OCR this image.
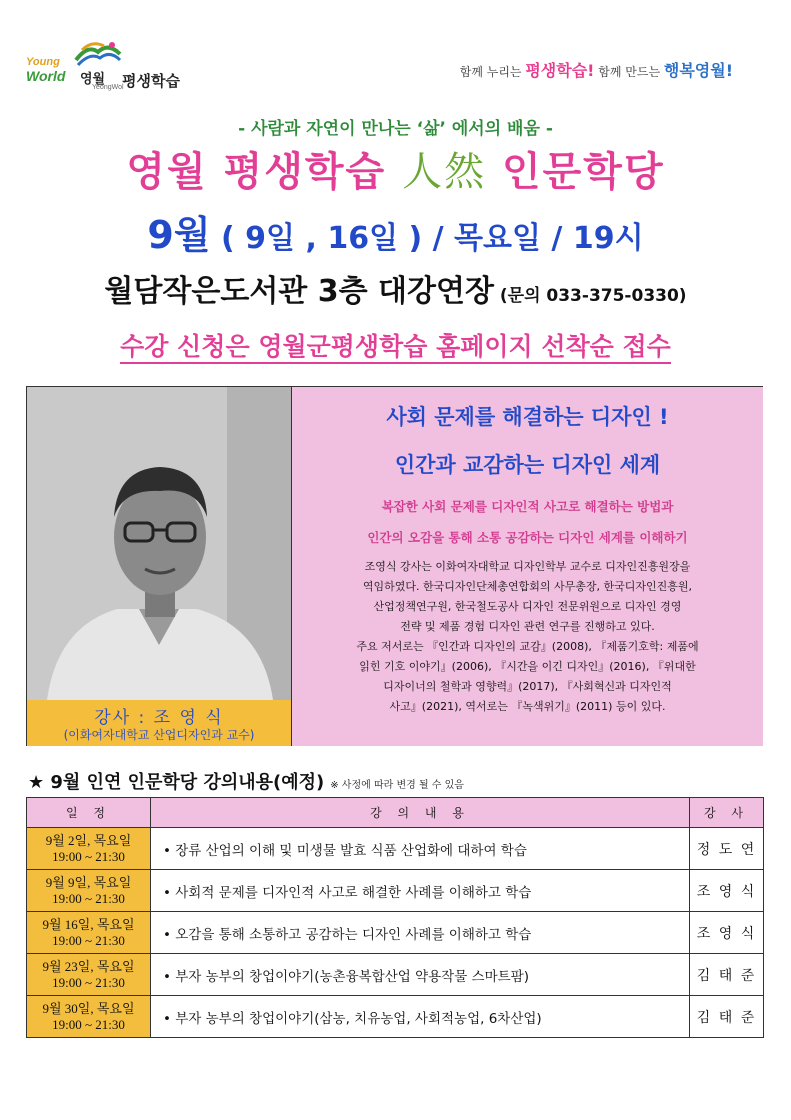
Young
World 영월
YeongWol
평생학습	함께 누리는 평생학습! 함께 만드는 행복영월!
- 사람과 자연이 만나는 ‘삶’ 에서의 배움 -
영월 평생학습 人然 인문학당
9월 ( 9일 , 16일 ) / 목요일 / 19시
월담작은도서관 3층 대강연장 (문의 033-375-0330)
수강 신청은 영월군평생학습 홈페이지 선착순 접수
강사 : 조 영 식
(이화여자대학교 산업디자인과 교수)
사회 문제를 해결하는 디자인 !
인간과 교감하는 디자인 세계
복잡한 사회 문제를 디자인적 사고로 해결하는 방법과
인간의 오감을 통해 소통 공감하는 디자인 세계를 이해하기
조영식 강사는 이화여자대학교 디자인학부 교수로 디자인진흥원장을
역임하였다. 한국디자인단체총연합회의 사무총장, 한국디자인진흥원,
산업정책연구원, 한국철도공사 디자인 전문위원으로 디자인 경영
전략 및 제품 경험 디자인 관련 연구를 진행하고 있다.
주요 저서로는 『인간과 디자인의 교감』(2008), 『제품기호학: 제품에
읽힌 기호 이야기』(2006), 『시간을 이긴 디자인』(2016), 『위대한
디자이너의 철학과 영향력』(2017), 『사회혁신과 디자인적
사고』(2021), 역서로는 『녹색위기』(2011) 등이 있다.
★ 9월 인연 인문학당 강의내용(예정) ※ 사정에 따라 변경 될 수 있음
일 정	강 의 내 용	강 사

9월 2일, 목요일
19:00 ~ 21:30	• 장류 산업의 이해 및 미생물 발효 식품 산업화에 대하여 학습	정 도 연

9월 9일, 목요일
19:00 ~ 21:30	• 사회적 문제를 디자인적 사고로 해결한 사례를 이해하고 학습	조 영 식

9월 16일, 목요일
19:00 ~ 21:30	• 오감을 통해 소통하고 공감하는 디자인 사례를 이해하고 학습	조 영 식

9월 23일, 목요일
19:00 ~ 21:30	• 부자 농부의 창업이야기(농촌융복합산업 약용작물 스마트팜)	김 태 준

9월 30일, 목요일
19:00 ~ 21:30	• 부자 농부의 창업이야기(삼농, 치유농업, 사회적농업, 6차산업)	김 태 준
